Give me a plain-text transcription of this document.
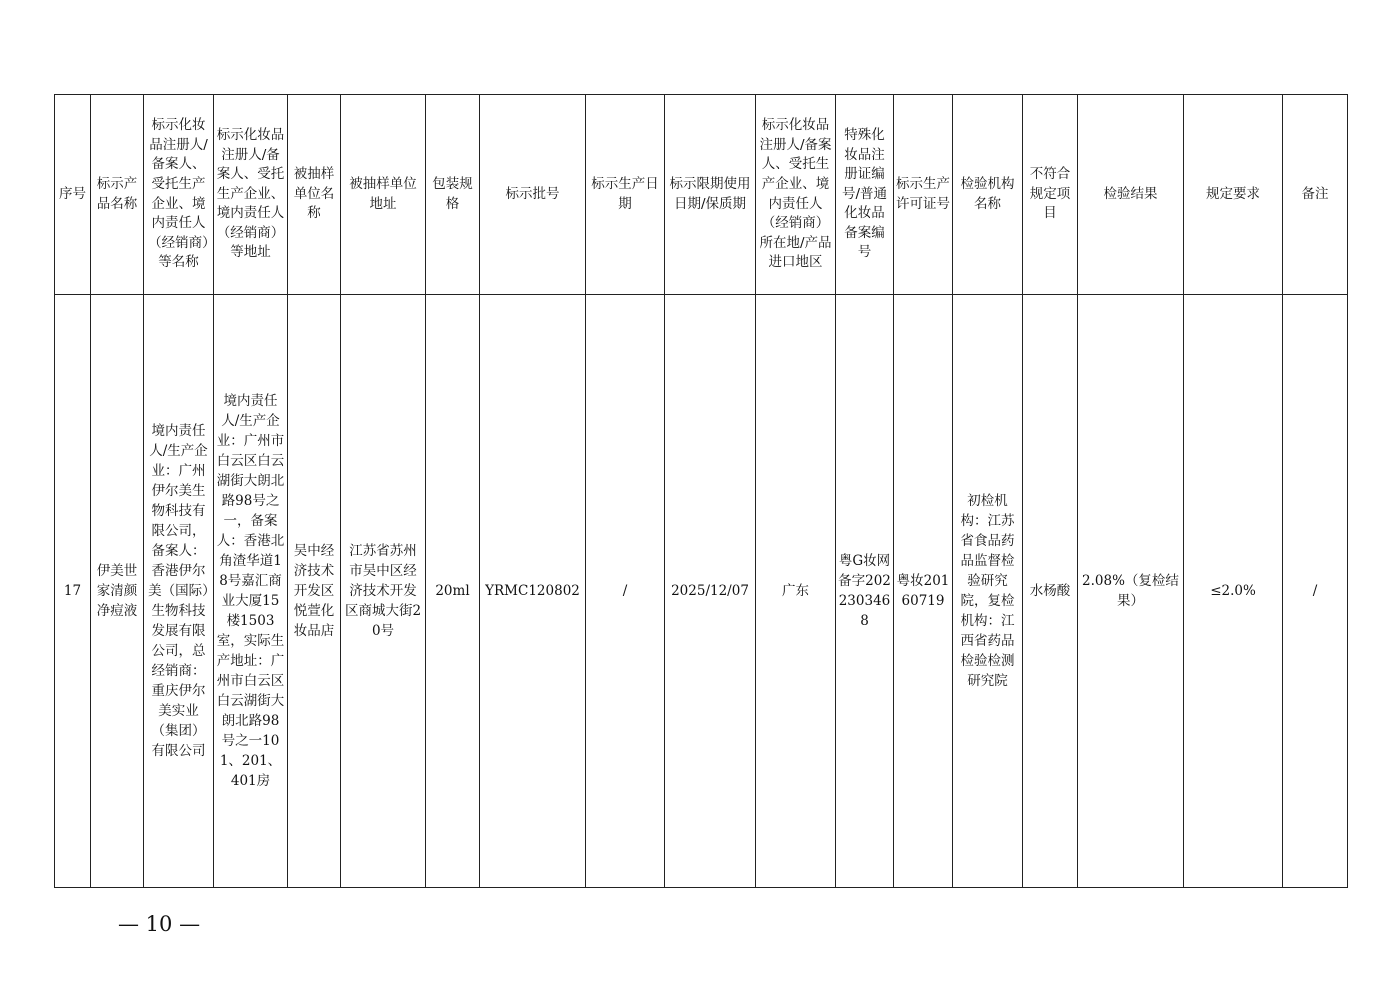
序号	标示产品名称	标示化妆品注册人/备案人、受托生产企业、境内责任人（经销商）等名称	标示化妆品注册人/备案人、受托生产企业、境内责任人（经销商）等地址	被抽样单位名称	被抽样单位地址	包装规格	标示批号	标示生产日期	标示限期使用日期/保质期	标示化妆品注册人/备案人、受托生产企业、境内责任人（经销商）所在地/产品进口地区	特殊化妆品注册证编号/普通化妆品备案编号	标示生产许可证号	检验机构名称	不符合规定项目	检验结果	规定要求	备注
17	伊美世家清颜净痘液	境内责任人/生产企业：广州伊尔美生物科技有限公司，备案人：香港伊尔美（国际）生物科技发展有限公司，总经销商：重庆伊尔美实业（集团）有限公司	境内责任人/生产企业：广州市白云区白云湖街大朗北路98号之一，备案人：香港北角渣华道18号嘉汇商业大厦15楼1503室，实际生产地址：广州市白云区白云湖街大朗北路98号之一101、201、401房	吴中经济技术开发区悦萱化妆品店	江苏省苏州市吴中区经济技术开发区商城大街20号	20ml	YRMC120802	/	2025/12/07	广东	粤G妆网备字2022303468	粤妆20160719	初检机构：江苏省食品药品监督检验研究院，复检机构：江西省药品检验检测研究院	水杨酸	2.08%（复检结果）	≤2.0%	/
— 10 —
